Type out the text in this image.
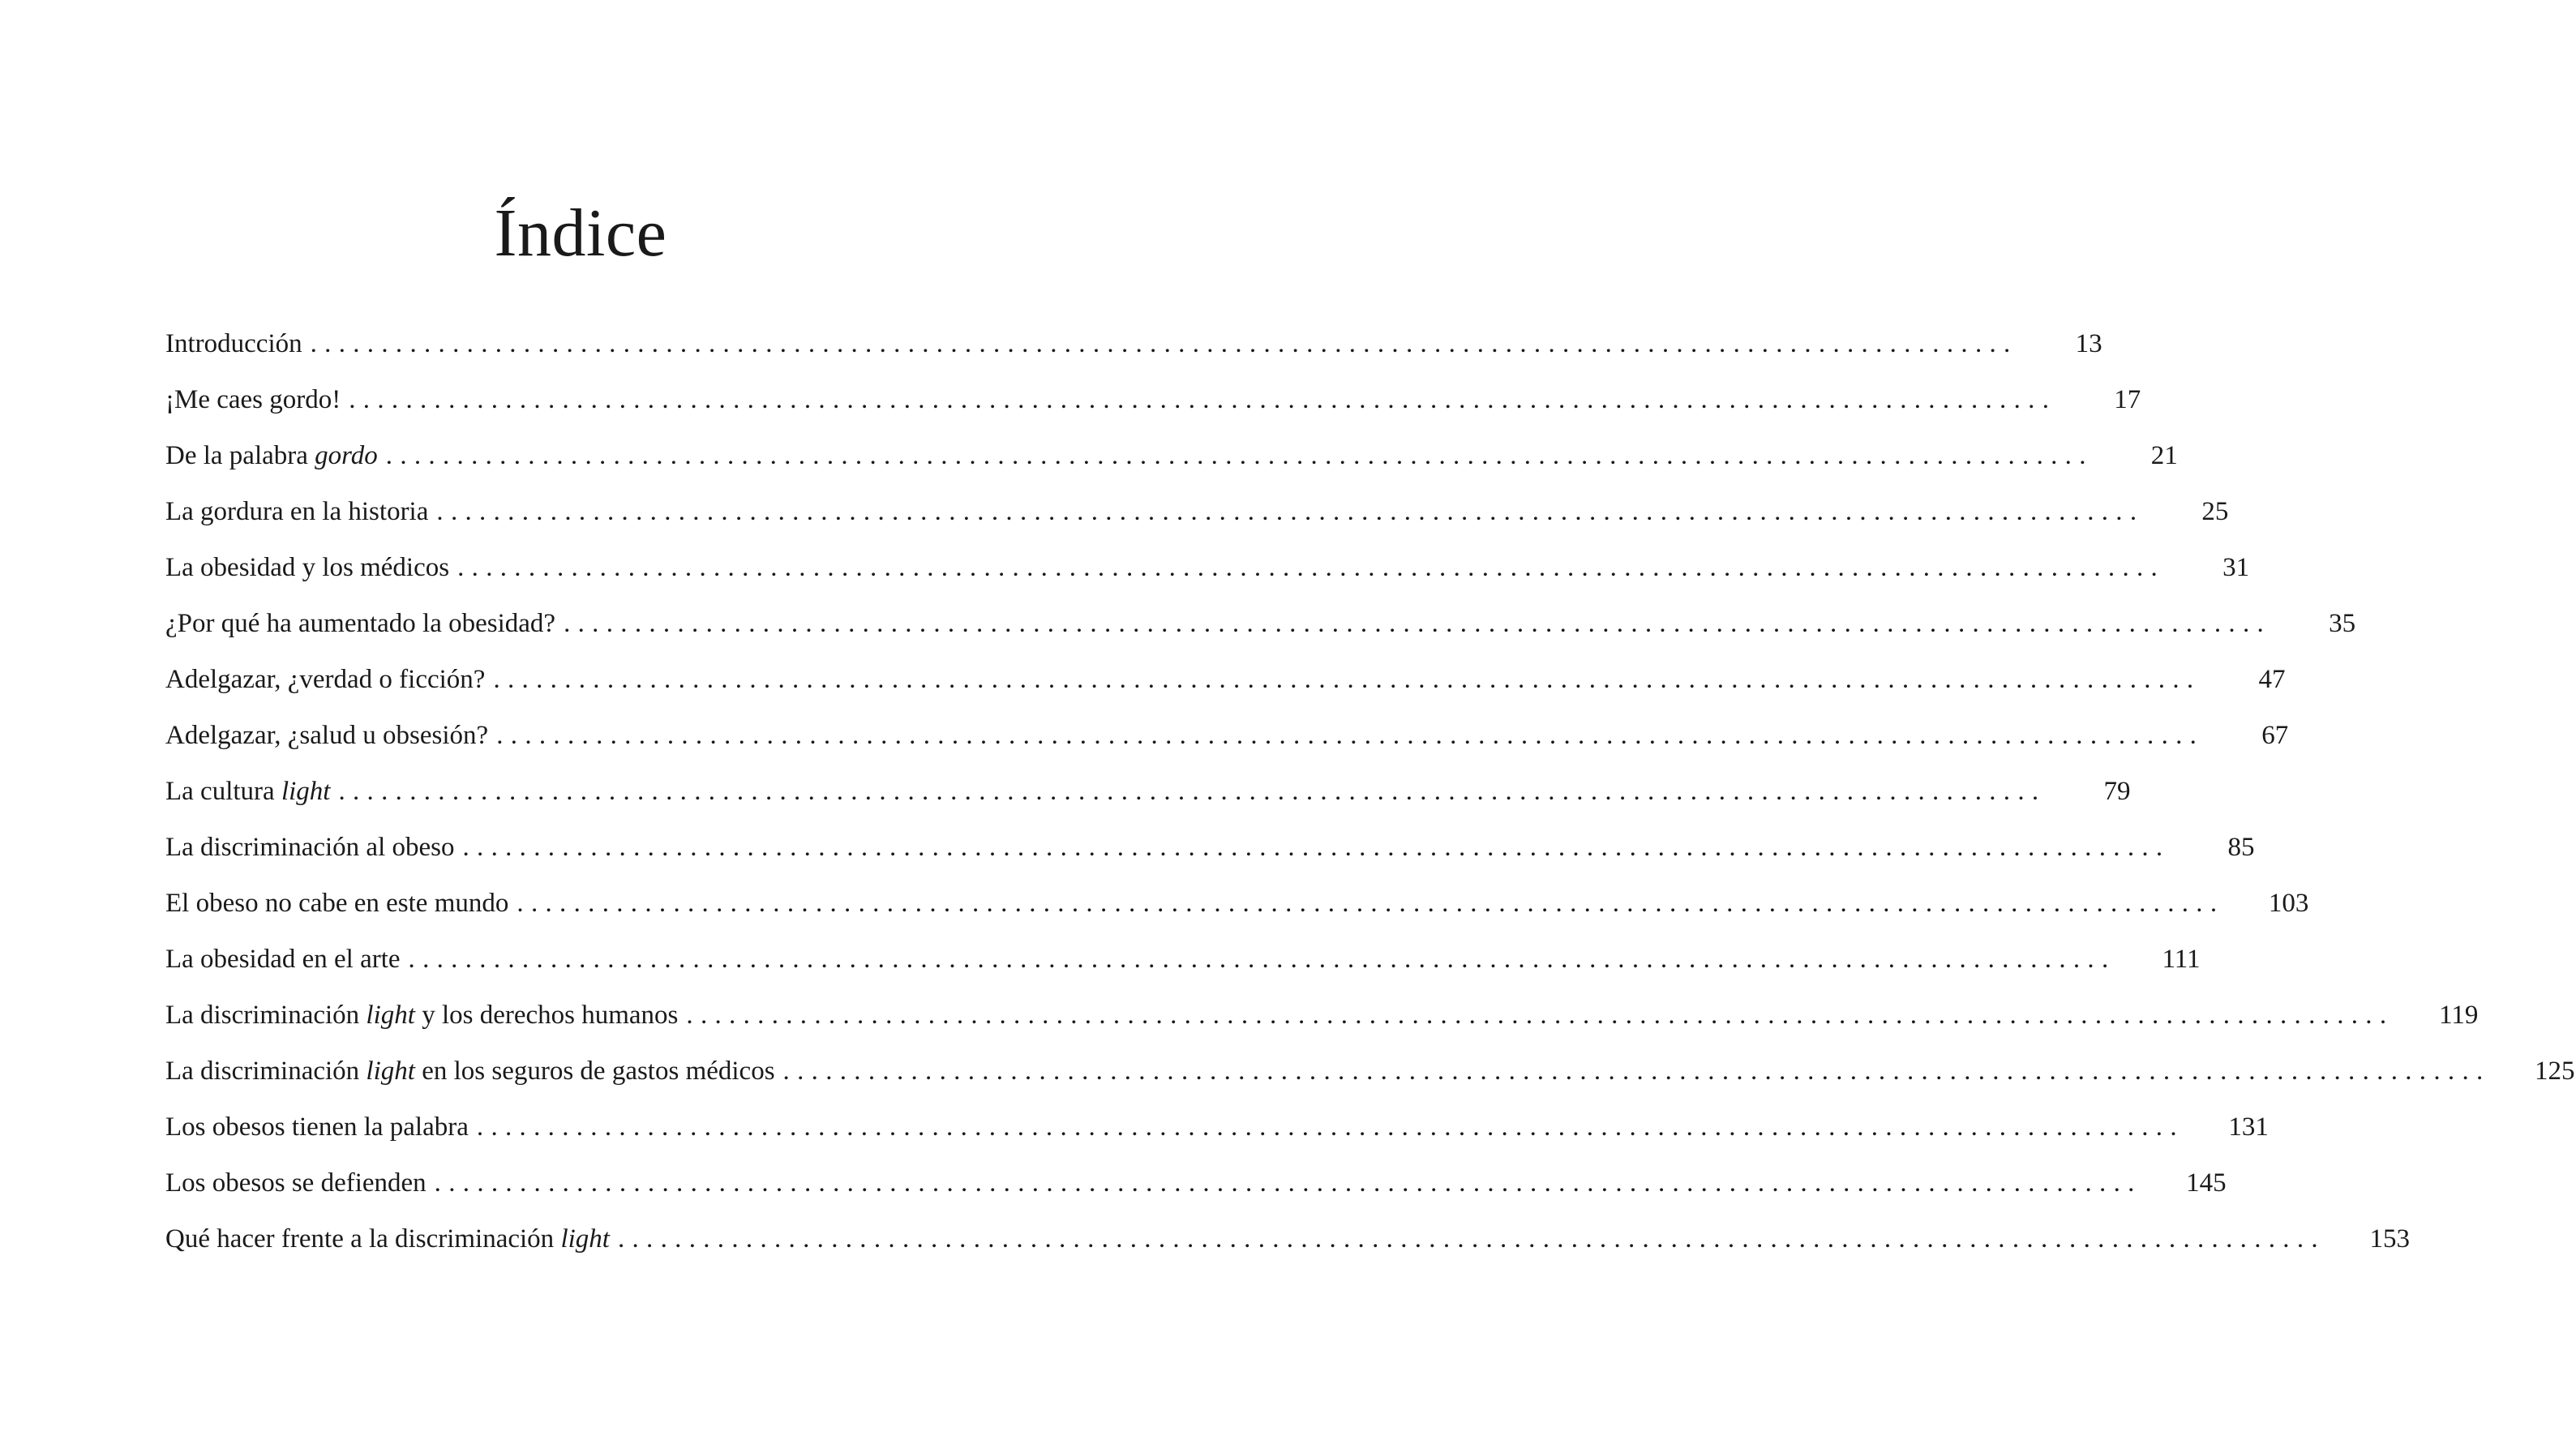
Índice
Introducción ........................................................................................................................	13
¡Me caes gordo! ........................................................................................................................	17
De la palabra gordo ........................................................................................................................	21
La gordura en la historia ........................................................................................................................	25
La obesidad y los médicos ........................................................................................................................	31
¿Por qué ha aumentado la obesidad? ........................................................................................................................	35
Adelgazar, ¿verdad o ficción? ........................................................................................................................	47
Adelgazar, ¿salud u obsesión? ........................................................................................................................	67
La cultura light ........................................................................................................................	79
La discriminación al obeso ........................................................................................................................	85
El obeso no cabe en este mundo ........................................................................................................................	103
La obesidad en el arte ........................................................................................................................	111
La discriminación light y los derechos humanos ........................................................................................................................	119
La discriminación light en los seguros de gastos médicos ........................................................................................................................	125
Los obesos tienen la palabra ........................................................................................................................	131
Los obesos se defienden ........................................................................................................................	145
Qué hacer frente a la discriminación light ........................................................................................................................	153
